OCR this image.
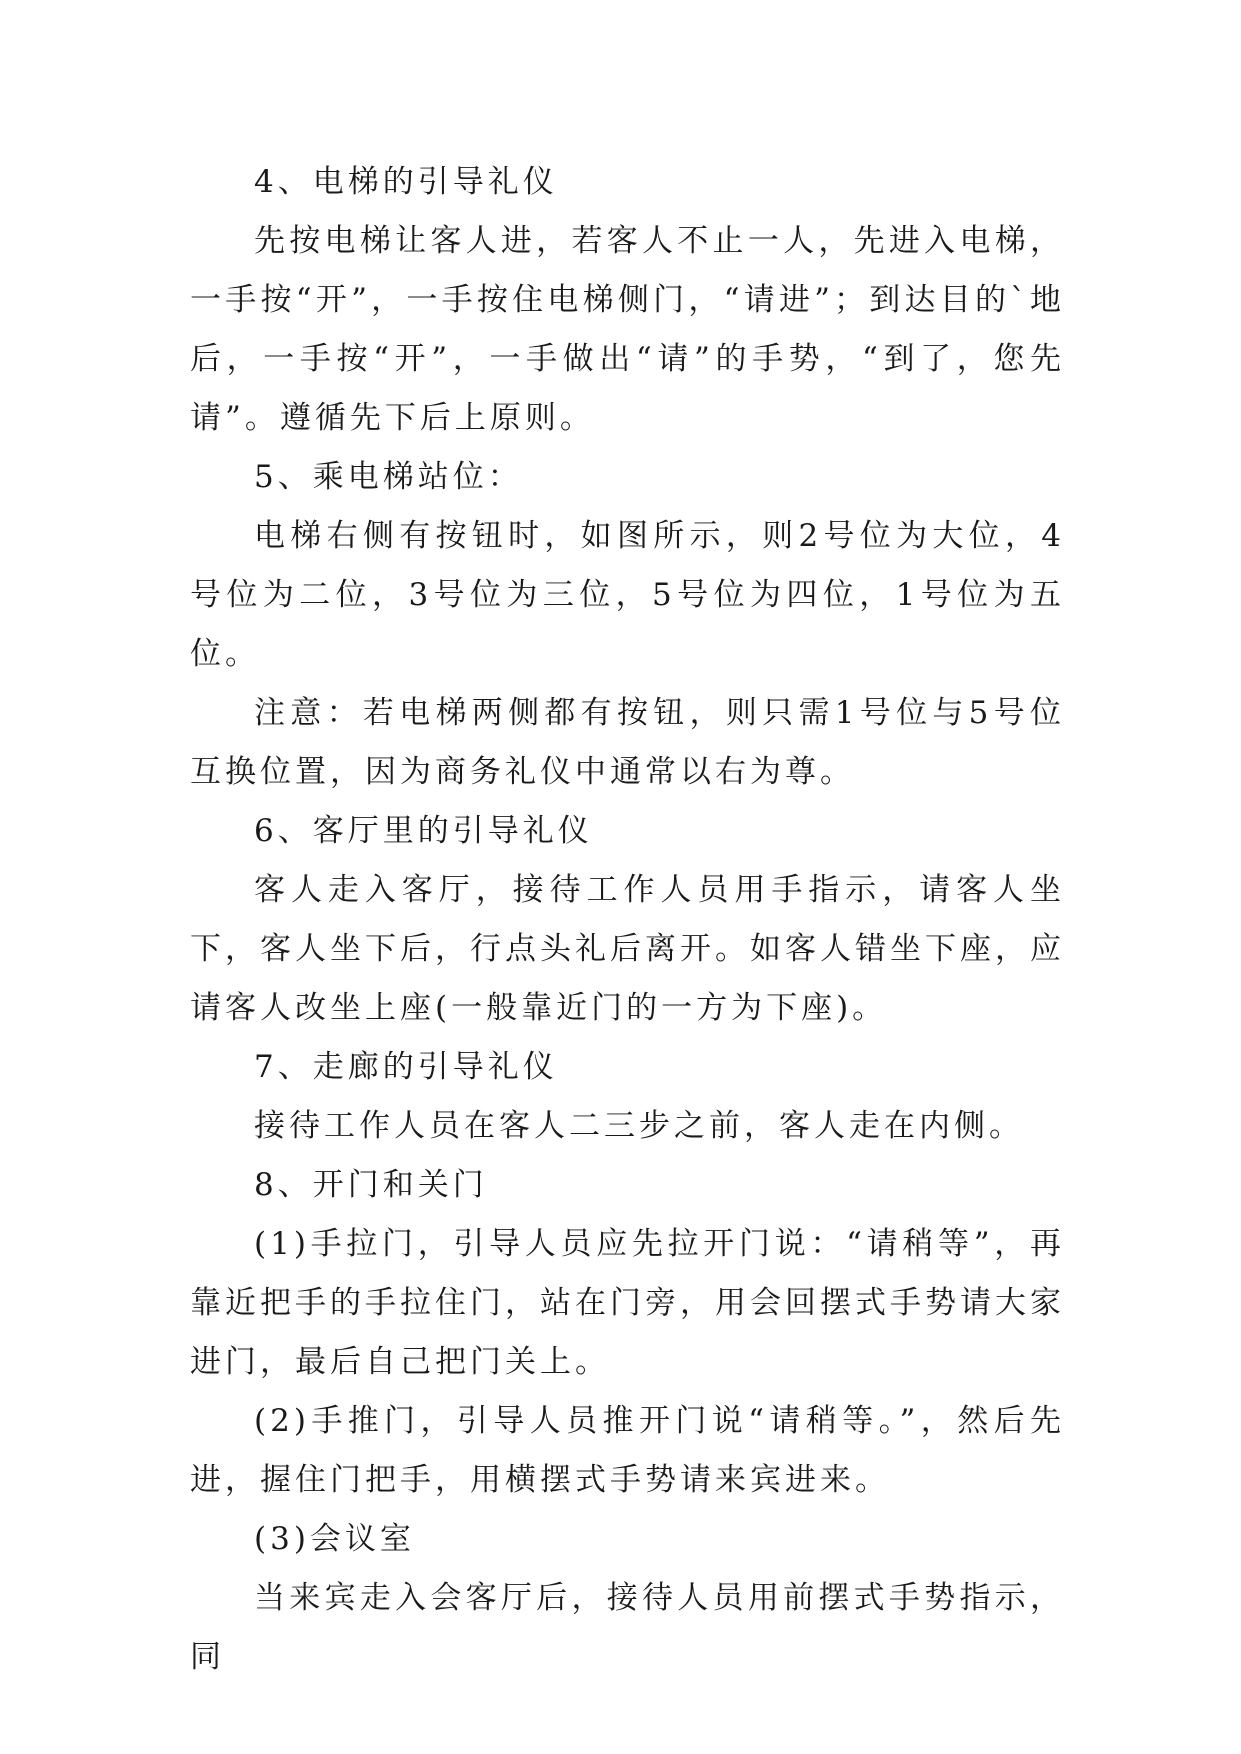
4、电梯的引导礼仪

先按电梯让客人进，若客人不止一人，先进入电梯，一手按“开”，一手按住电梯侧门，“请进”；到达目的`地后，一手按“开”，一手做出“请”的手势，“到了，您先请”。遵循先下后上原则。

5、乘电梯站位：

电梯右侧有按钮时，如图所示，则2号位为大位，4号位为二位，3号位为三位，5号位为四位，1号位为五位。

注意：若电梯两侧都有按钮，则只需1号位与5号位互换位置，因为商务礼仪中通常以右为尊。

6、客厅里的引导礼仪

客人走入客厅，接待工作人员用手指示，请客人坐下，客人坐下后，行点头礼后离开。如客人错坐下座，应请客人改坐上座(一般靠近门的一方为下座)。

7、走廊的引导礼仪

接待工作人员在客人二三步之前，客人走在内侧。

8、开门和关门

(1)手拉门，引导人员应先拉开门说：“请稍等”，再靠近把手的手拉住门，站在门旁，用会回摆式手势请大家进门，最后自己把门关上。

(2)手推门，引导人员推开门说“请稍等。”，然后先进，握住门把手，用横摆式手势请来宾进来。

(3)会议室

当来宾走入会客厅后，接待人员用前摆式手势指示，同
